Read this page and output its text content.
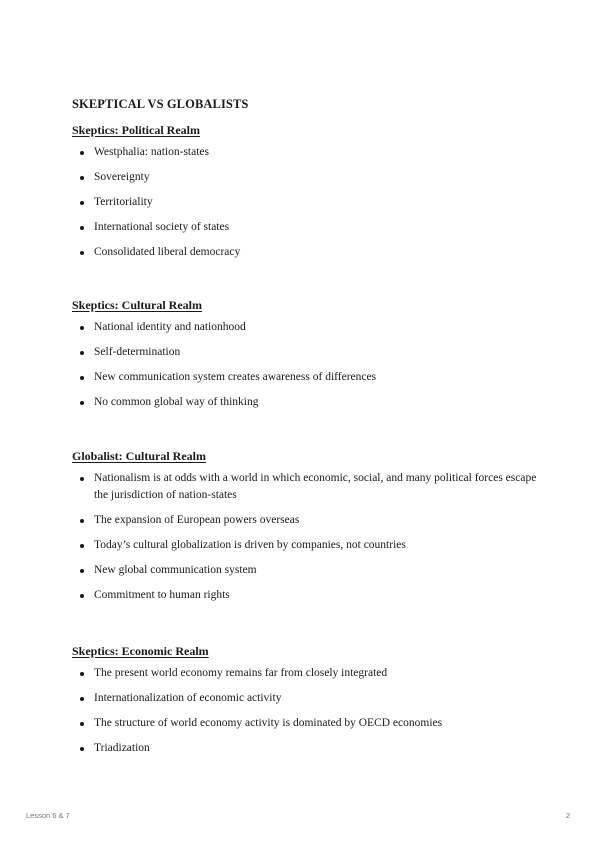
SKEPTICAL VS GLOBALISTS
Skeptics: Political Realm
Westphalia: nation-states
Sovereignty
Territoriality
International society of states
Consolidated liberal democracy
Skeptics: Cultural Realm
National identity and nationhood
Self-determination
New communication system creates awareness of differences
No common global way of thinking
Globalist: Cultural Realm
Nationalism is at odds with a world in which economic, social, and many political forces escape the jurisdiction of nation-states
The expansion of European powers overseas
Today’s cultural globalization is driven by companies, not countries
New global communication system
Commitment to human rights
Skeptics: Economic Realm
The present world economy remains far from closely integrated
Internationalization of economic activity
The structure of world economy activity is dominated by OECD economies
Triadization
Lesson 6 & 7	2
